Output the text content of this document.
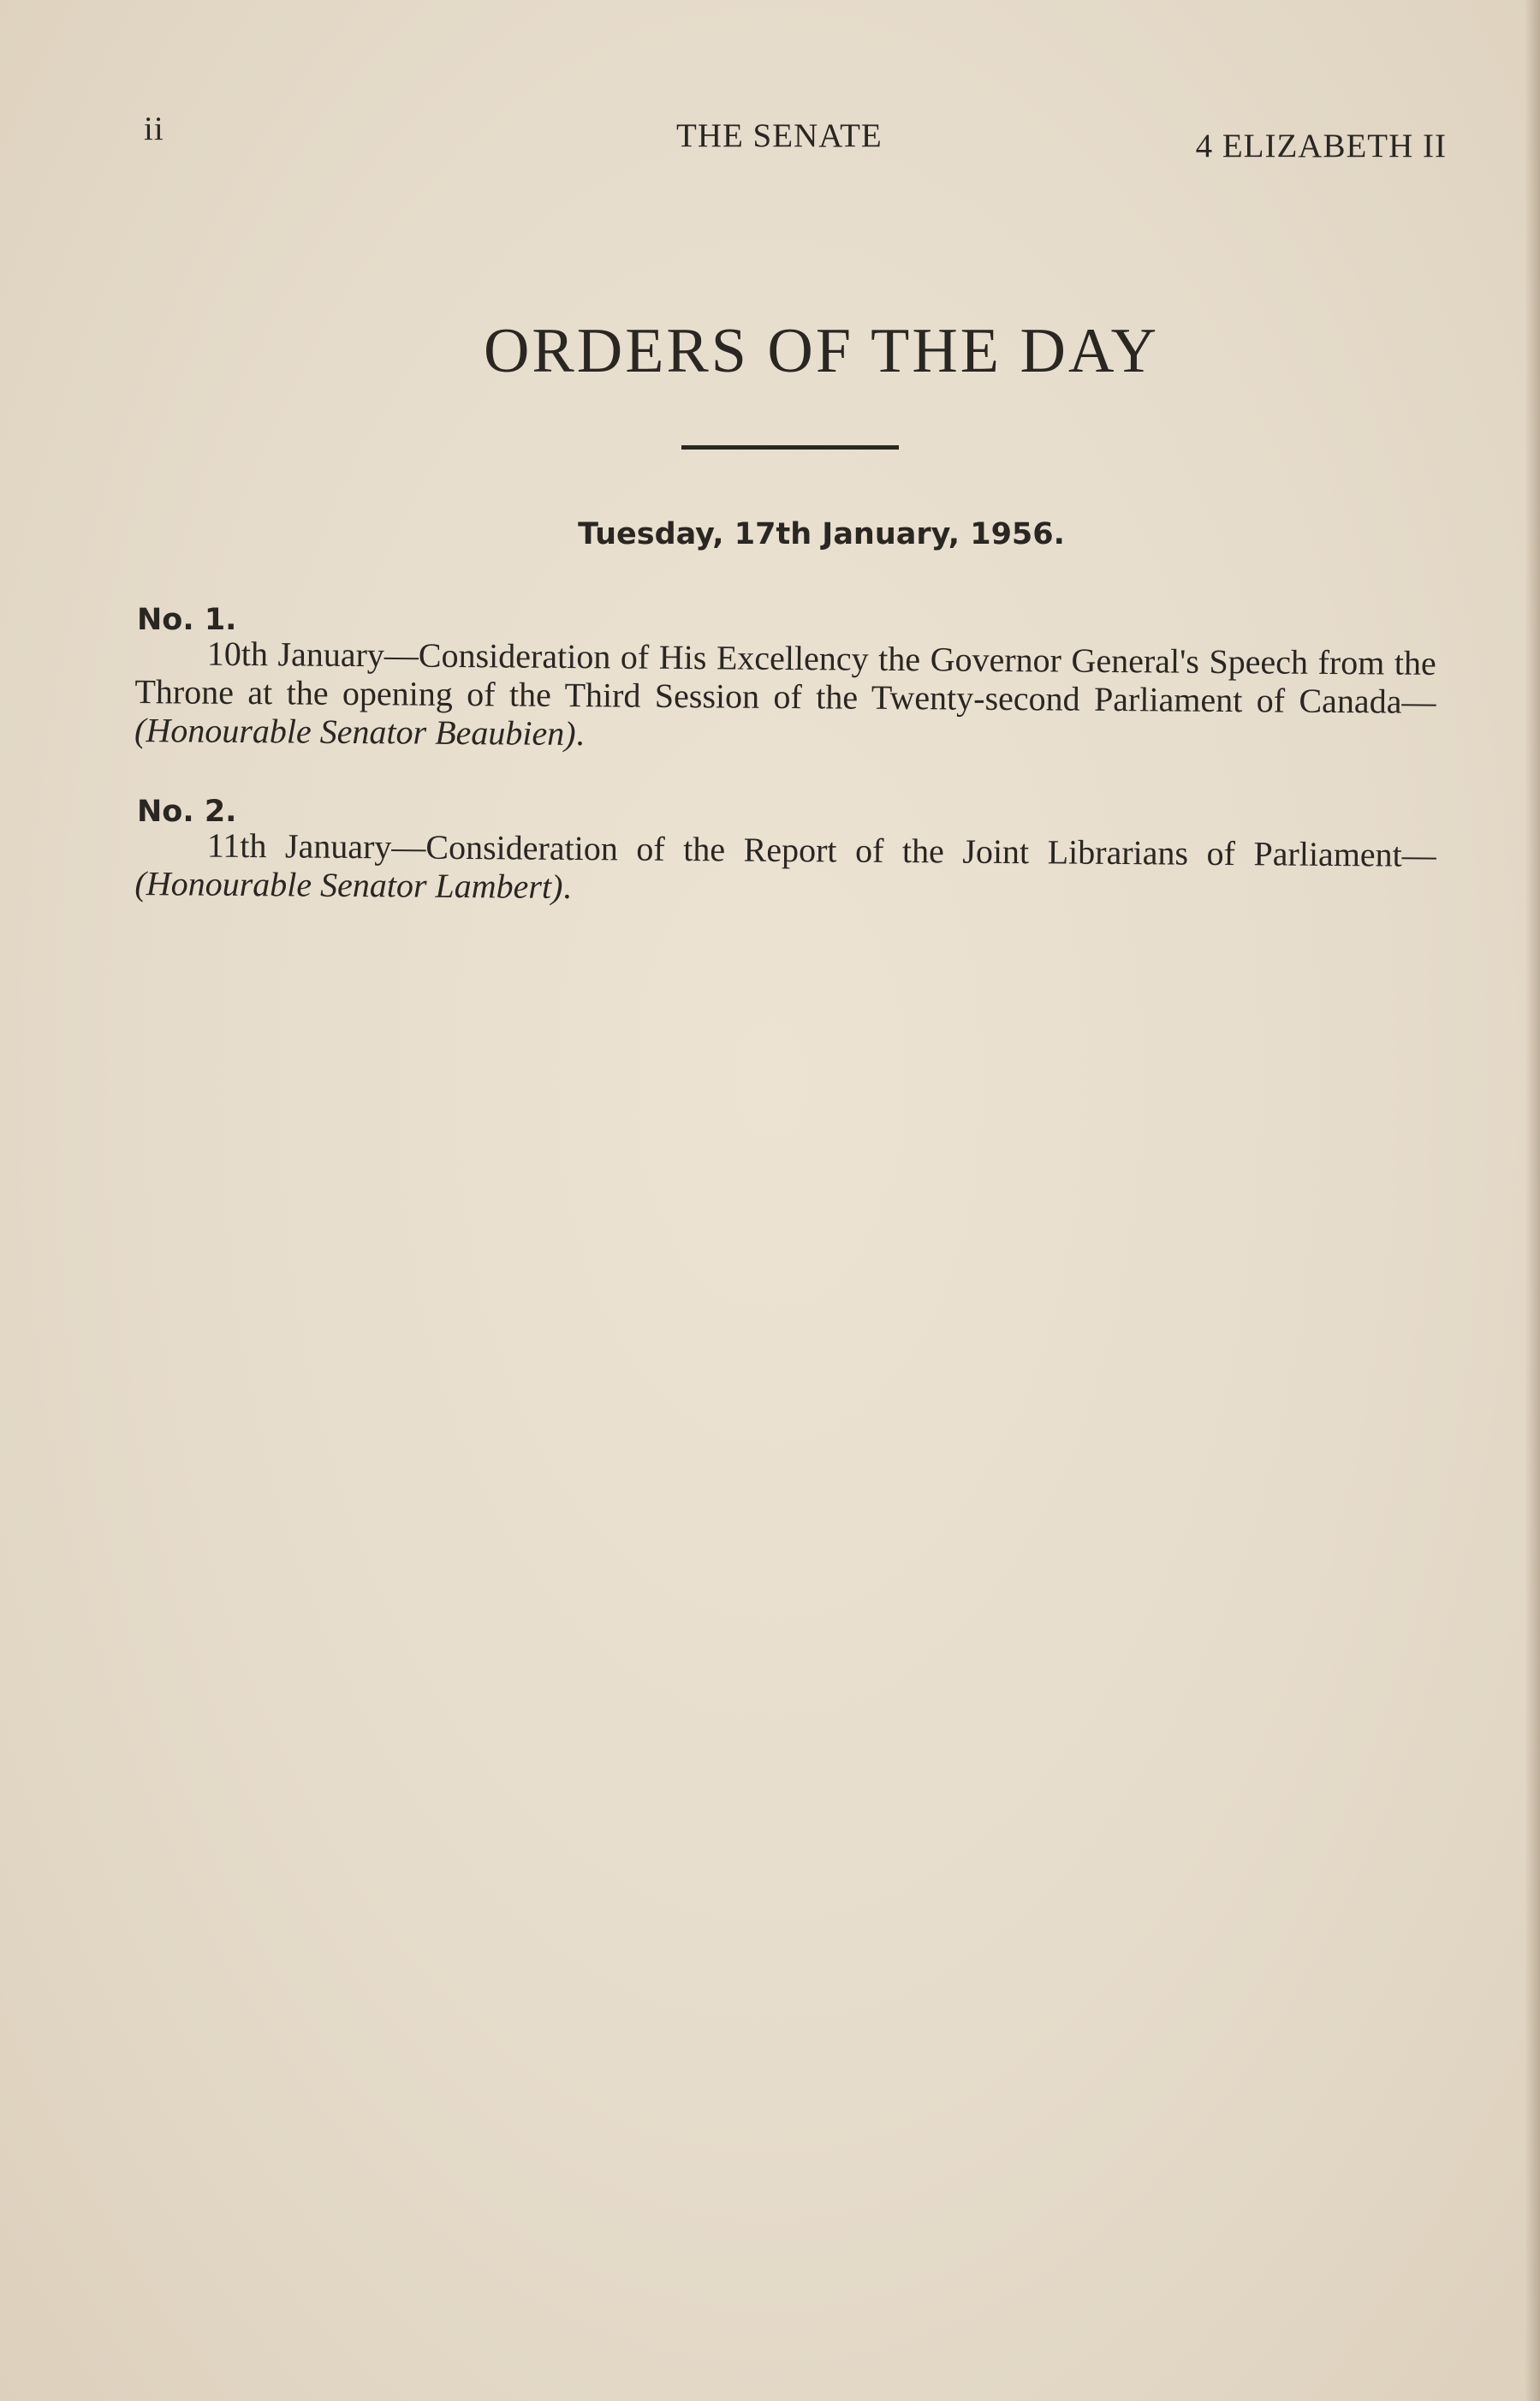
ii	THE SENATE	4 ELIZABETH II
ORDERS OF THE DAY
Tuesday, 17th January, 1956.
No. 1.

10th January—Consideration of His Excellency the Governor General's Speech from the Throne at the opening of the Third Session of the Twenty-second Parliament of Canada—(Honourable Senator Beaubien).

No. 2.

11th January—Consideration of the Report of the Joint Librarians of Parliament—(Honourable Senator Lambert).
